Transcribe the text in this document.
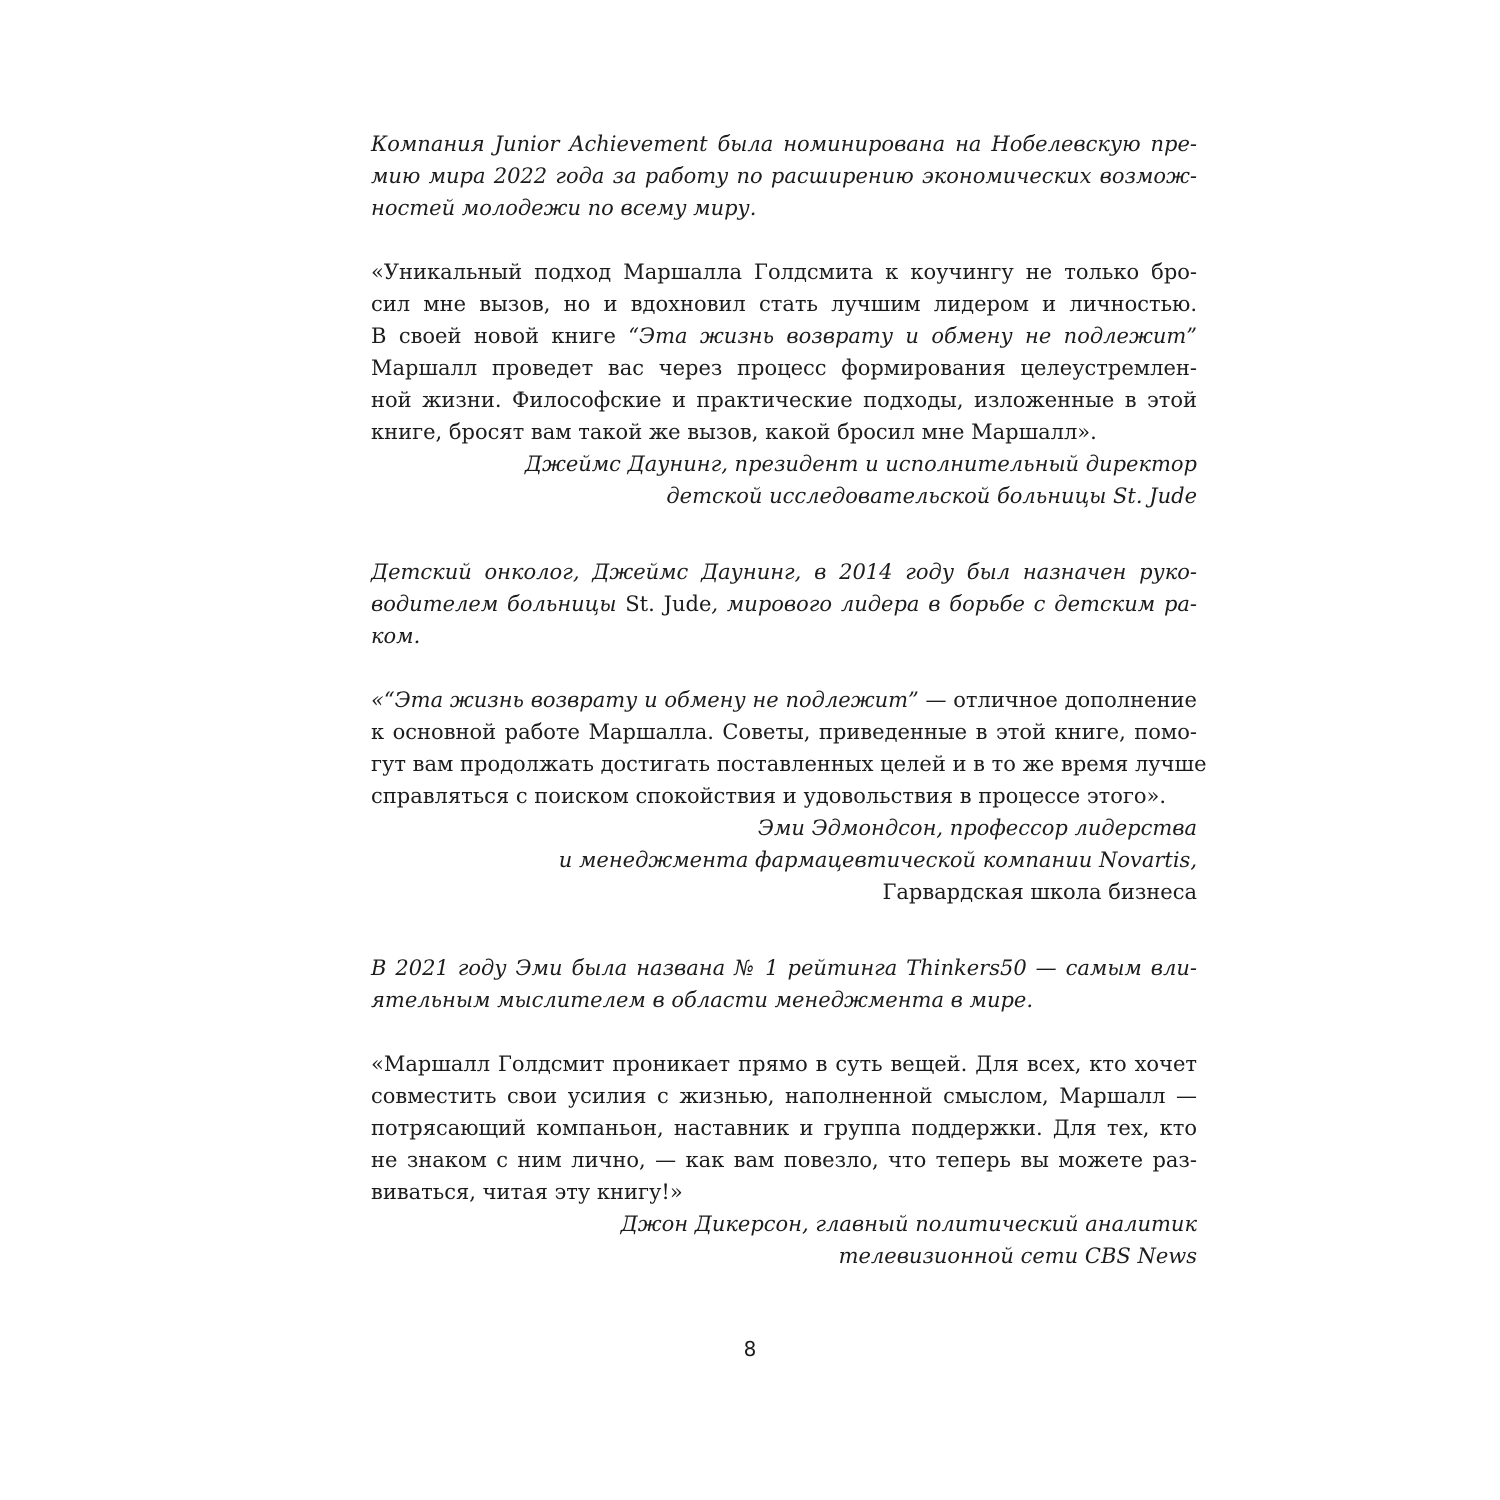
Компания Junior Achievement была номинирована на Нобелевскую пре-
мию мира 2022 года за работу по расширению экономических возмож-
ностей молодежи по всему миру.
«Уникальный подход Маршалла Голдсмита к коучингу не только бро-
сил мне вызов, но и вдохновил стать лучшим лидером и личностью.
В своей новой книге “Эта жизнь возврату и обмену не подлежит”
Маршалл проведет вас через процесс формирования целеустремлен-
ной жизни. Философские и практические подходы, изложенные в этой
книге, бросят вам такой же вызов, какой бросил мне Маршалл».
Джеймс Даунинг, президент и исполнительный директор
детской исследовательской больницы St. Jude
Детский онколог, Джеймс Даунинг, в 2014 году был назначен руко-
водителем больницы St. Jude, мирового лидера в борьбе с детским ра-
ком.
«“Эта жизнь возврату и обмену не подлежит” — отличное дополнение
к основной работе Маршалла. Советы, приведенные в этой книге, помо-
гут вам продолжать достигать поставленных целей и в то же время лучше
справляться с поиском спокойствия и удовольствия в процессе этого».
Эми Эдмондсон, профессор лидерства
и менеджмента фармацевтической компании Novartis,
Гарвардская школа бизнеса
В 2021 году Эми была названа № 1 рейтинга Thinkers50 — самым вли-
ятельным мыслителем в области менеджмента в мире.
«Маршалл Голдсмит проникает прямо в суть вещей. Для всех, кто хочет
совместить свои усилия с жизнью, наполненной смыслом, Маршалл —
потрясающий компаньон, наставник и группа поддержки. Для тех, кто
не знаком с ним лично, — как вам повезло, что теперь вы можете раз-
виваться, читая эту книгу!»
Джон Дикерсон, главный политический аналитик
телевизионной сети CBS News
8
